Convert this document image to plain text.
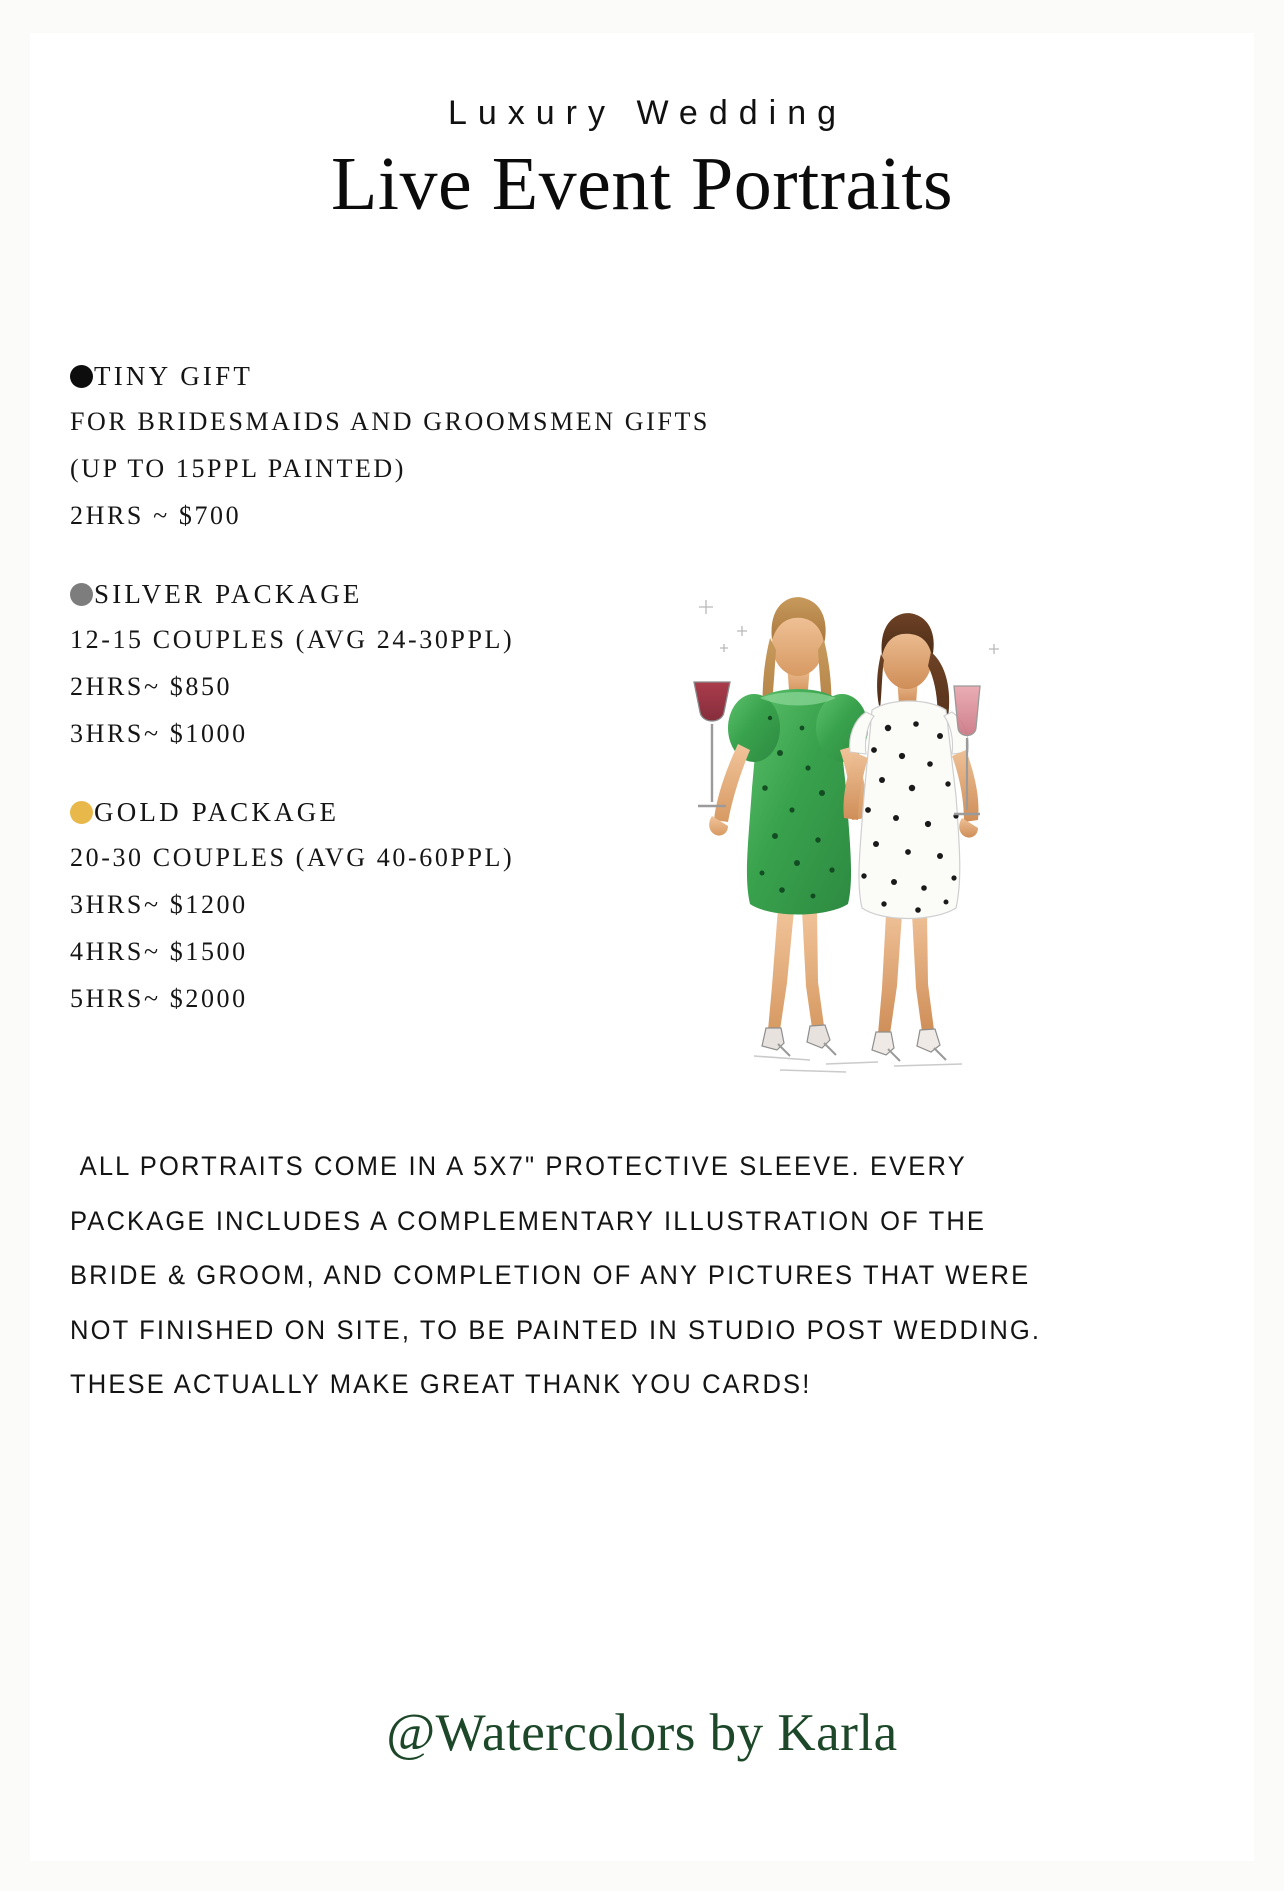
Luxury Wedding
Live Event Portraits
TINY GIFT
FOR BRIDESMAIDS AND GROOMSMEN GIFTS
(UP TO 15PPL PAINTED)
2HRS ~ $700
SILVER PACKAGE
12-15 COUPLES (AVG 24-30PPL)
2HRS~ $850
3HRS~ $1000
GOLD PACKAGE
20-30 COUPLES (AVG 40-60PPL)
3HRS~ $1200
4HRS~ $1500
5HRS~ $2000
ALL PORTRAITS COME IN A 5X7" PROTECTIVE SLEEVE. EVERY
PACKAGE INCLUDES A COMPLEMENTARY ILLUSTRATION OF THE
BRIDE & GROOM, AND COMPLETION OF ANY PICTURES THAT WERE
NOT FINISHED ON SITE, TO BE PAINTED IN STUDIO POST WEDDING.
THESE ACTUALLY MAKE GREAT THANK YOU CARDS!
@Watercolors by Karla
